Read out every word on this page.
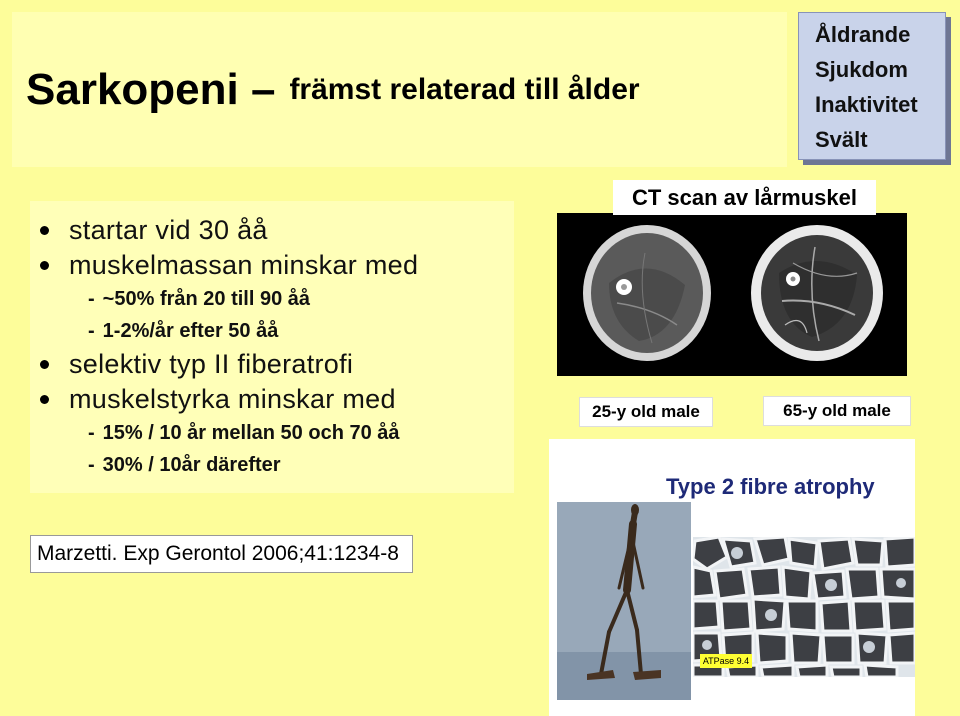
Sarkopeni – främst relaterad till ålder
Åldrande
Sjukdom
Inaktivitet
Svält
startar vid 30 åå
muskelmassan minskar med
- ~50% från 20 till 90 åå
- 1-2%/år efter 50 åå
selektiv typ II fiberatrofi
muskelstyrka minskar med
- 15% / 10 år mellan 50 och 70 åå
- 30% / 10år därefter
Marzetti. Exp Gerontol 2006;41:1234-8
CT scan av lårmuskel
25-y old male	65-y old male
Type 2 fibre atrophy
ATPase 9.4
